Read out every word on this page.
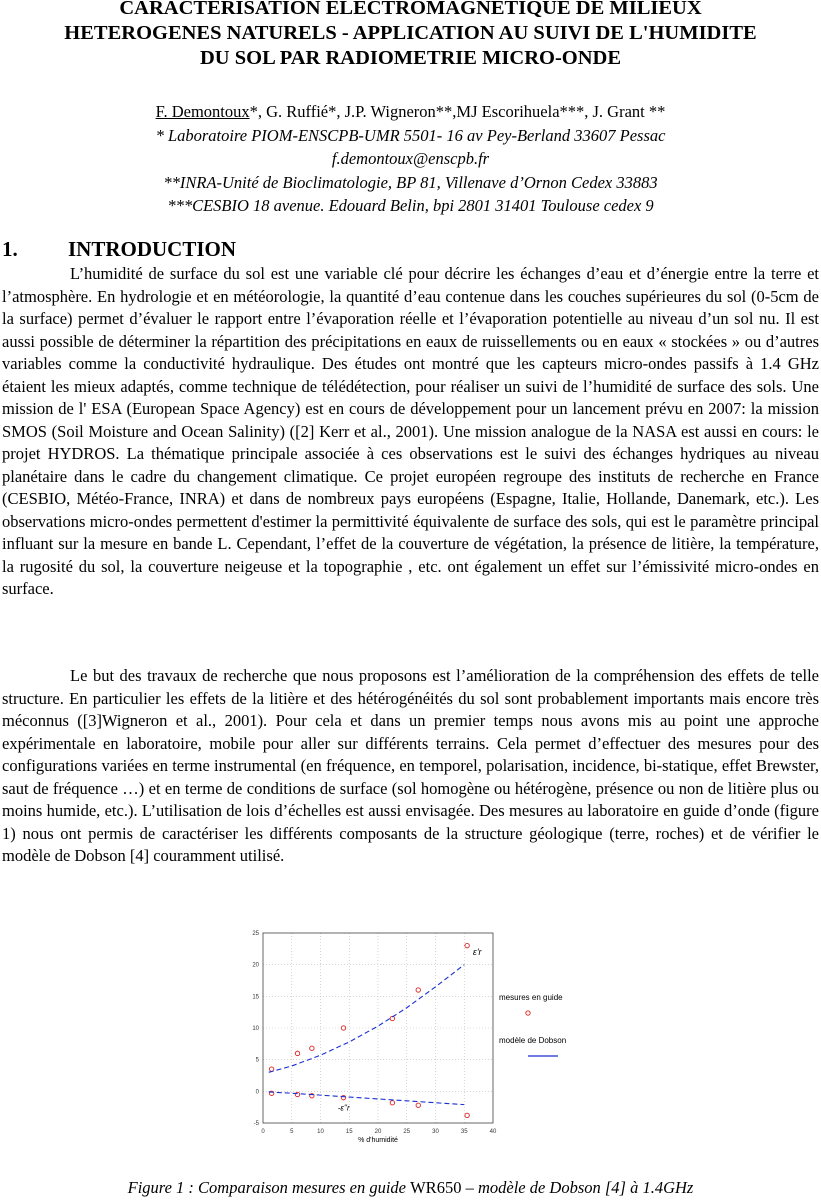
CARACTERISATION ELECTROMAGNETIQUE DE MILIEUX
HETEROGENES NATURELS - APPLICATION AU SUIVI DE L'HUMIDITE
DU SOL PAR RADIOMETRIE MICRO-ONDE
F. Demontoux*, G. Ruffié*, J.P. Wigneron**,MJ Escorihuela***, J. Grant **
* Laboratoire PIOM-ENSCPB-UMR 5501- 16 av Pey-Berland 33607 Pessac
f.demontoux@enscpb.fr
**INRA-Unité de Bioclimatologie, BP 81, Villenave d’Ornon Cedex 33883
***CESBIO 18 avenue. Edouard Belin, bpi 2801 31401 Toulouse cedex 9
1. INTRODUCTION
L’humidité de surface du sol est une variable clé pour décrire les échanges d’eau et d’énergie entre la terre et l’atmosphère. En hydrologie et en météorologie, la quantité d’eau contenue dans les couches supérieures du sol (0-5cm de la surface) permet d’évaluer le rapport entre l’évaporation réelle et l’évaporation potentielle au niveau d’un sol nu. Il est aussi possible de déterminer la répartition des précipitations en eaux de ruissellements ou en eaux « stockées » ou d’autres variables comme la conductivité hydraulique. Des études ont montré que les capteurs micro-ondes passifs à 1.4 GHz étaient les mieux adaptés, comme technique de télédétection, pour réaliser un suivi de l’humidité de surface des sols. Une mission de l' ESA (European Space Agency) est en cours de développement pour un lancement prévu en 2007: la mission SMOS (Soil Moisture and Ocean Salinity) ([2] Kerr et al., 2001). Une mission analogue de la NASA est aussi en cours: le projet HYDROS. La thématique principale associée à ces observations est le suivi des échanges hydriques au niveau planétaire dans le cadre du changement climatique. Ce projet européen regroupe des instituts de recherche en France (CESBIO, Météo-France, INRA) et dans de nombreux pays européens (Espagne, Italie, Hollande, Danemark, etc.). Les observations micro-ondes permettent d'estimer la permittivité équivalente de surface des sols, qui est le paramètre principal influant sur la mesure en bande L. Cependant, l’effet de la couverture de végétation, la présence de litière, la température, la rugosité du sol, la couverture neigeuse et la topographie , etc. ont également un effet sur l’émissivité micro-ondes en surface.
Le but des travaux de recherche que nous proposons est l’amélioration de la compréhension des effets de telle structure. En particulier les effets de la litière et des hétérogénéités du sol sont probablement importants mais encore très méconnus ([3]Wigneron et al., 2001). Pour cela et dans un premier temps nous avons mis au point une approche expérimentale en laboratoire, mobile pour aller sur différents terrains. Cela permet d’effectuer des mesures pour des configurations variées en terme instrumental (en fréquence, en temporel, polarisation, incidence, bi-statique, effet Brewster, saut de fréquence …) et en terme de conditions de surface (sol homogène ou hétérogène, présence ou non de litière plus ou moins humide, etc.). L’utilisation de lois d’échelles est aussi envisagée. Des mesures au laboratoire en guide d’onde (figure 1) nous ont permis de caractériser les différents composants de la structure géologique (terre, roches) et de vérifier le modèle de Dobson [4] couramment utilisé.
0	5	10	15	20	25	30	35	40
-5
0
5
10
15
20
25
% d'humidité
ε'r
-ε''r
mesures en guide
modèle de Dobson
Figure 1 : Comparaison mesures en guide WR650 – modèle de Dobson [4] à 1.4GHz
